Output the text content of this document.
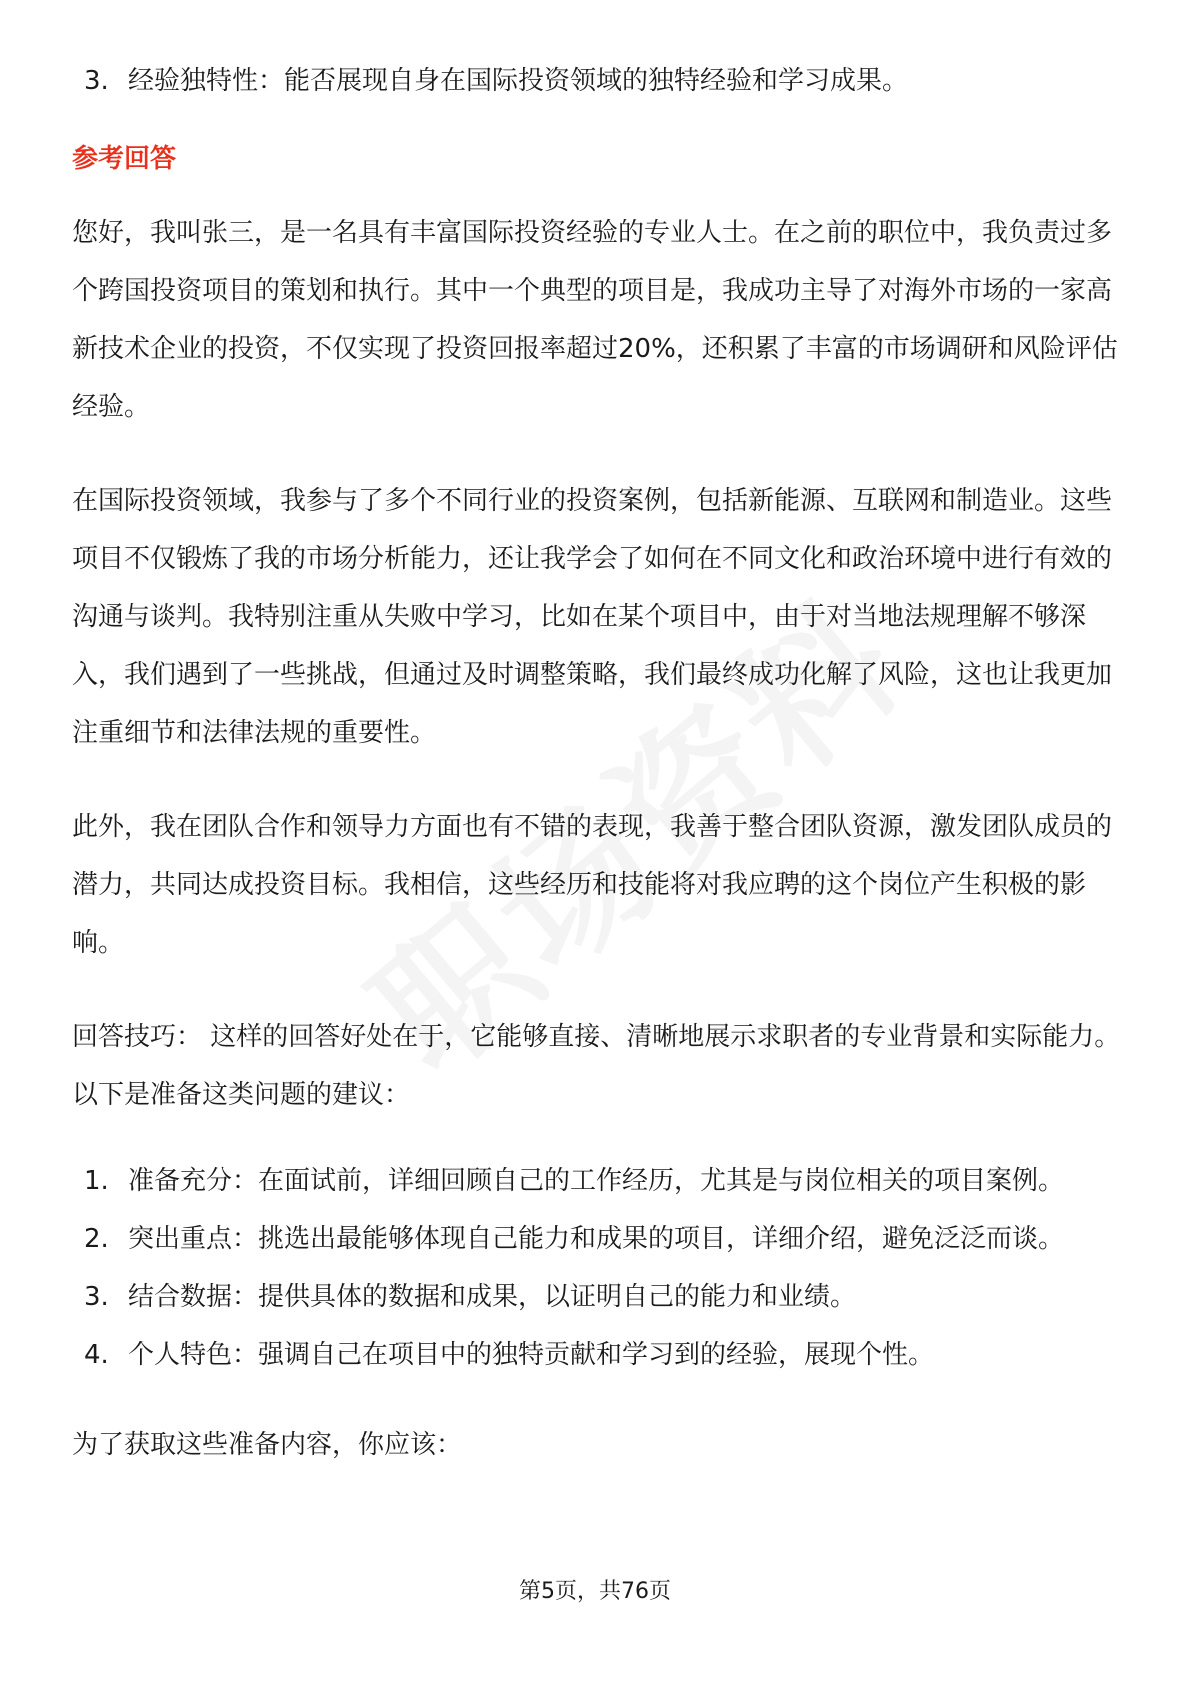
3. 经验独特性：能否展现自身在国际投资领域的独特经验和学习成果。
参考回答
您好，我叫张三，是一名具有丰富国际投资经验的专业人士。在之前的职位中，我负责过多个跨国投资项目的策划和执行。其中一个典型的项目是，我成功主导了对海外市场的一家高新技术企业的投资，不仅实现了投资回报率超过20%，还积累了丰富的市场调研和风险评估经验。
在国际投资领域，我参与了多个不同行业的投资案例，包括新能源、互联网和制造业。这些项目不仅锻炼了我的市场分析能力，还让我学会了如何在不同文化和政治环境中进行有效的沟通与谈判。我特别注重从失败中学习，比如在某个项目中，由于对当地法规理解不够深入，我们遇到了一些挑战，但通过及时调整策略，我们最终成功化解了风险，这也让我更加注重细节和法律法规的重要性。
此外，我在团队合作和领导力方面也有不错的表现，我善于整合团队资源，激发团队成员的潜力，共同达成投资目标。我相信，这些经历和技能将对我应聘的这个岗位产生积极的影响。
回答技巧： 这样的回答好处在于，它能够直接、清晰地展示求职者的专业背景和实际能力。以下是准备这类问题的建议：
1. 准备充分：在面试前，详细回顾自己的工作经历，尤其是与岗位相关的项目案例。
2. 突出重点：挑选出最能够体现自己能力和成果的项目，详细介绍，避免泛泛而谈。
3. 结合数据：提供具体的数据和成果，以证明自己的能力和业绩。
4. 个人特色：强调自己在项目中的独特贡献和学习到的经验，展现个性。
为了获取这些准备内容，你应该：
第5页，共76页
